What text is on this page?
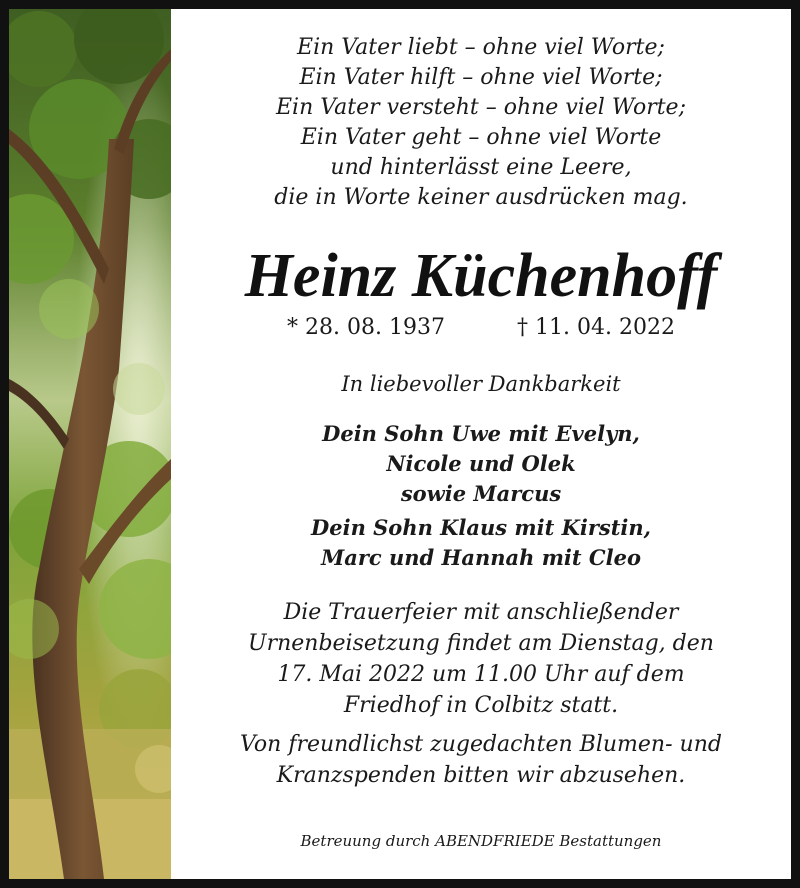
Ein Vater liebt – ohne viel Worte;
Ein Vater hilft – ohne viel Worte;
Ein Vater versteht – ohne viel Worte;
Ein Vater geht – ohne viel Worte
und hinterlässt eine Leere,
die in Worte keiner ausdrücken mag.
Heinz Küchenhoff
* 28. 08. 1937	† 11. 04. 2022
In liebevoller Dankbarkeit
Dein Sohn Uwe mit Evelyn,
Nicole und Olek
sowie Marcus
Dein Sohn Klaus mit Kirstin,
Marc und Hannah mit Cleo
Die Trauerfeier mit anschließender
Urnenbeisetzung findet am Dienstag, den
17. Mai 2022 um 11.00 Uhr auf dem
Friedhof in Colbitz statt.
Von freundlichst zugedachten Blumen- und
Kranzspenden bitten wir abzusehen.
Betreuung durch ABENDFRIEDE Bestattungen
